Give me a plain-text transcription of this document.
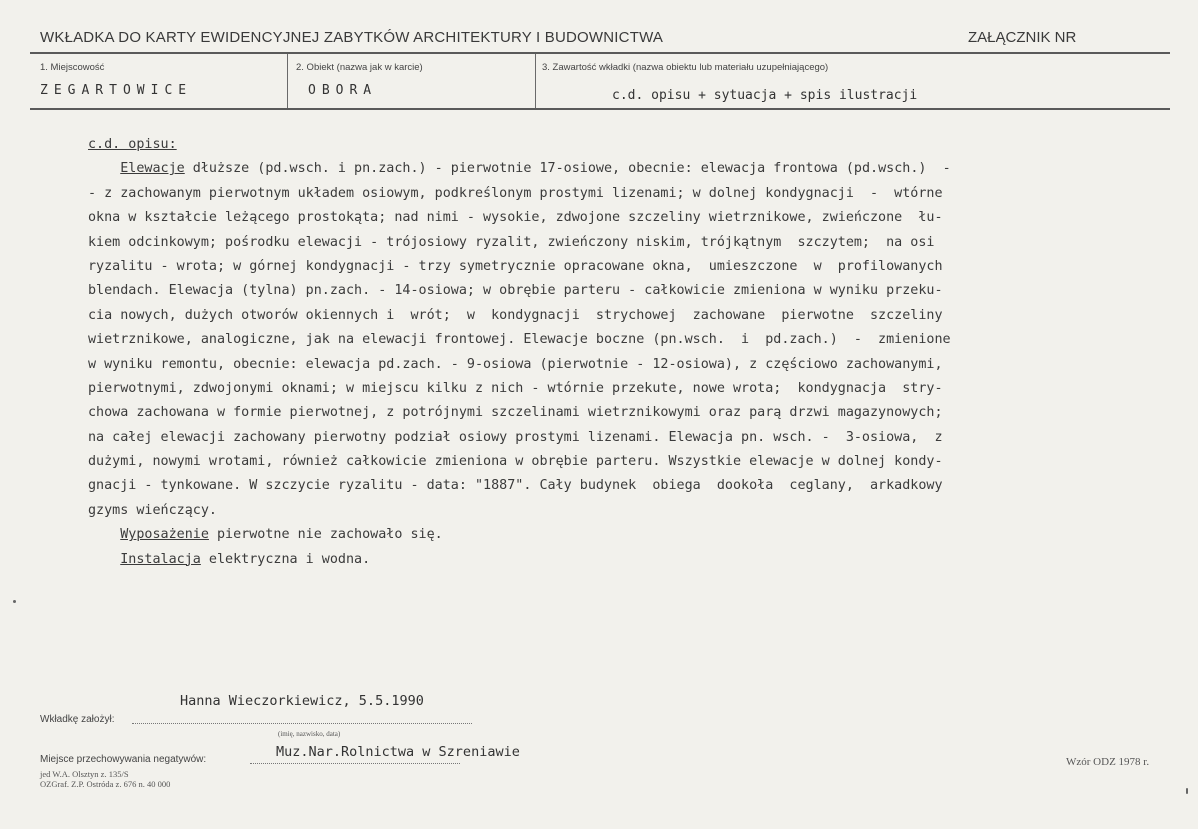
WKŁADKA DO KARTY EWIDENCYJNEJ ZABYTKÓW ARCHITEKTURY I BUDOWNICTWA	ZAŁĄCZNIK NR
1. Miejscowość
ZEGARTOWICE
2. Obiekt (nazwa jak w karcie)
OBORA
3. Zawartość wkładki (nazwa obiektu lub materiału uzupełniającego)
c.d. opisu + sytuacja + spis ilustracji
c.d. opisu:
Elewacje dłuższe (pd.wsch. i pn.zach.) - pierwotnie 17-osiowe, obecnie: elewacja frontowa (pd.wsch.)  -
- z zachowanym pierwotnym układem osiowym, podkreślonym prostymi lizenami; w dolnej kondygnacji  -  wtórne
okna w kształcie leżącego prostokąta; nad nimi - wysokie, zdwojone szczeliny wietrznikowe, zwieńczone  łu-
kiem odcinkowym; pośrodku elewacji - trójosiowy ryzalit, zwieńczony niskim, trójkątnym  szczytem;  na osi
ryzalitu - wrota; w górnej kondygnacji - trzy symetrycznie opracowane okna,  umieszczone  w  profilowanych
blendach. Elewacja (tylna) pn.zach. - 14-osiowa; w obrębie parteru - całkowicie zmieniona w wyniku przeku-
cia nowych, dużych otworów okiennych i  wrót;  w  kondygnacji  strychowej  zachowane  pierwotne  szczeliny
wietrznikowe, analogiczne, jak na elewacji frontowej. Elewacje boczne (pn.wsch.  i  pd.zach.)  -  zmienione
w wyniku remontu, obecnie: elewacja pd.zach. - 9-osiowa (pierwotnie - 12-osiowa), z częściowo zachowanymi,
pierwotnymi, zdwojonymi oknami; w miejscu kilku z nich - wtórnie przekute, nowe wrota;  kondygnacja  stry-
chowa zachowana w formie pierwotnej, z potrójnymi szczelinami wietrznikowymi oraz parą drzwi magazynowych;
na całej elewacji zachowany pierwotny podział osiowy prostymi lizenami. Elewacja pn. wsch. -  3-osiowa,  z
dużymi, nowymi wrotami, również całkowicie zmieniona w obrębie parteru. Wszystkie elewacje w dolnej kondy-
gnacji - tynkowane. W szczycie ryzalitu - data: "1887". Cały budynek  obiega  dookoła  ceglany,  arkadkowy
gzyms wieńczący.
Wyposażenie pierwotne nie zachowało się.
Instalacja elektryczna i wodna.
Hanna Wieczorkiewicz, 5.5.1990
Wkładkę założył:
(imię, nazwisko, data)
Miejsce przechowywania negatywów:	Muz.Nar.Rolnictwa w Szreniawie
jed W.A. Olsztyn z. 135/S
OZGraf. Z.P. Ostróda z. 676 n. 40 000
Wzór ODZ 1978 r.
